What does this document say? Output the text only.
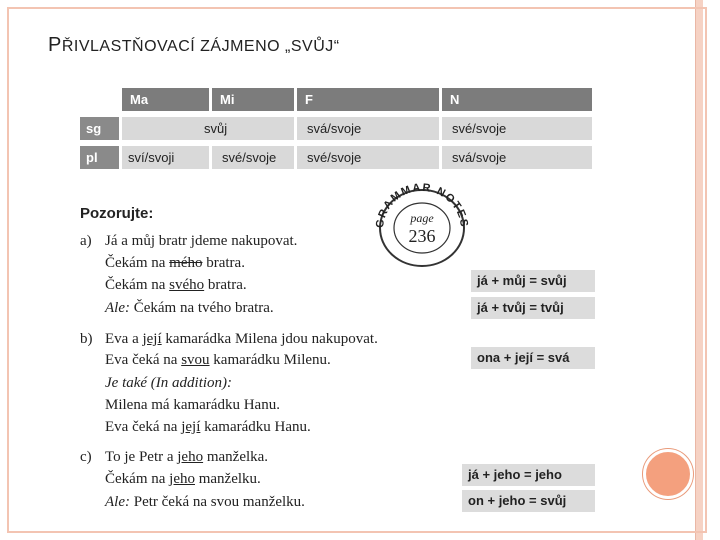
PŘIVLASTŇOVACÍ ZÁJMENO „SVŮJ“
Ma	Mi	F	N
sg	svůj	svá/svoje	své/svoje
pl	sví/svoji	své/svoje	své/svoje	svá/svoje
GRAMMAR NOTES
page
236
Pozorujte:
a) Já a můj bratr jdeme nakupovat.
Čekám na mého bratra.
Čekám na svého bratra.
Ale: Čekám na tvého bratra.
b) Eva a její kamarádka Milena jdou nakupovat.
Eva čeká na svou kamarádku Milenu.
Je také (In addition):
Milena má kamarádku Hanu.
Eva čeká na její kamarádku Hanu.
c) To je Petr a jeho manželka.
Čekám na jeho manželku.
Ale: Petr čeká na svou manželku.
já + můj = svůj
já + tvůj = tvůj
ona + její = svá
já + jeho = jeho
on + jeho = svůj
